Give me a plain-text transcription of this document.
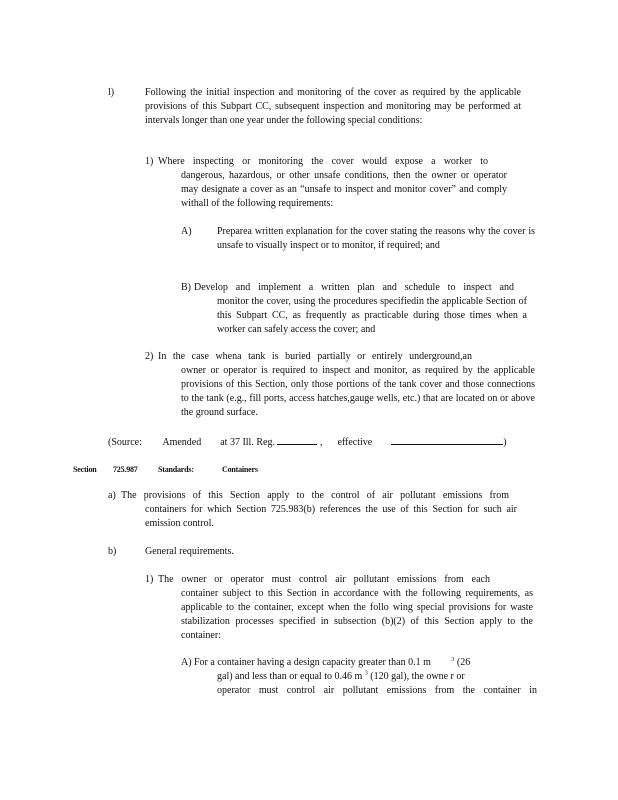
l)	Following the initial inspection and monitoring of the cover as required by the applicable provisions of this Subpart CC, subsequent inspection and monitoring may be performed at intervals longer than one year under the following special conditions:
1) Where inspecting or monitoring the cover would expose a worker to
dangerous, hazardous, or other unsafe conditions, then the owner or operator may designate a cover as an “unsafe to inspect and monitor cover” and comply withall of the following requirements:
A)	Preparea written explanation for the cover stating the reasons why the cover is unsafe to visually inspect or to monitor, if required; and
B) Develop and implement a written plan and schedule to inspect and
monitor the cover, using the procedures specifiedin the applicable Section of this Subpart CC, as frequently as practicable during those times when a worker can safely access the cover; and
2) In the case whena tank is buried partially or entirely underground,an
owner or operator is required to inspect and monitor, as required by the applicable provisions of this Section, only those portions of the tank cover and those connections to the tank (e.g., fill ports, access hatches,gauge wells, etc.) that are located on or above the ground surface.
(Source: Amended at 37 Ill. Reg.	, effective	)
Section 725.987	Standards:	Containers
a) The provisions of this Section apply to the control of air pollutant emissions from
containers for which Section 725.983(b) references the use of this Section for such air emission control.
b)	General requirements.
1) The owner or operator must control air pollutant emissions from each
container subject to this Section in accordance with the following requirements, as applicable to the container, except when the follo wing special provisions for waste stabilization processes specified in subsection (b)(2) of this Section apply to the container:
A) For a container having a design capacity greater than 0.1 m	$^3$ (26
gal) and less than or equal to 0.46 m $^3$ (120 gal), the owne r or
operator must control air pollutant emissions from the container in
